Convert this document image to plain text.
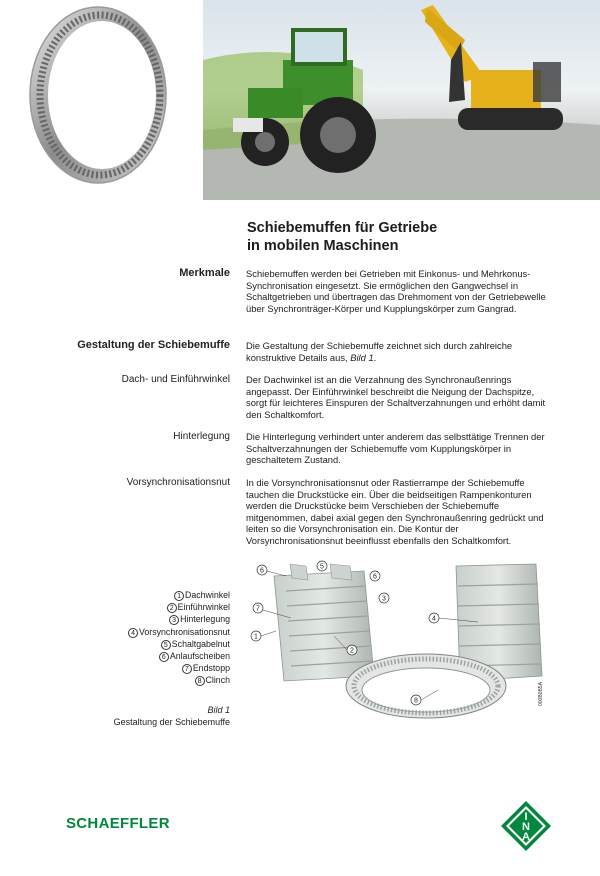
Schiebemuffen für Getriebe
in mobilen Maschinen
Merkmale Schiebemuffen werden bei Getrieben mit Einkonus- und Mehrkonus-Synchronisation eingesetzt. Sie ermöglichen den Gangwechsel in Schaltgetrieben und übertragen das Drehmoment von der Getriebewelle über Synchronträger-Körper und Kupplungskörper zum Gangrad.
Gestaltung der Schiebemuffe Die Gestaltung der Schiebemuffe zeichnet sich durch zahlreiche konstruktive Details aus, Bild 1.
Dach- und Einführwinkel Der Dachwinkel ist an die Verzahnung des Synchronaußenrings angepasst. Der Einführwinkel beschreibt die Neigung der Dachspitze, sorgt für leichteres Einspuren der Schaltverzahnungen und erhöht damit den Schaltkomfort.
Hinterlegung Die Hinterlegung verhindert unter anderem das selbsttätige Trennen der Schaltverzahnungen der Schiebemuffe vom Kupplungskörper in geschaltetem Zustand.
Vorsynchronisationsnut In die Vorsynchronisationsnut oder Rastierrampe der Schiebemuffe tauchen die Druckstücke ein. Über die beidseitigen Rampenkonturen werden die Druckstücke beim Verschieben der Schiebemuffe mitgenommen, dabei axial gegen den Synchronaußenring gedrückt und leiten so die Vorsynchronisation ein. Die Kontur der Vorsynchronisationsnut beeinflusst ebenfalls den Schaltkomfort.
1 Dachwinkel
2 Einführwinkel
3 Hinterlegung
4 Vorsynchronisationsnut
5 Schaltgabelnut
6 Anlaufscheiben
7 Endstopp
8 Clinch
Bild 1
Gestaltung der Schiebemuffe
6
5
6
3
7
1
2
4
8	000B0B5A
SCHAEFFLER	I
N
A
